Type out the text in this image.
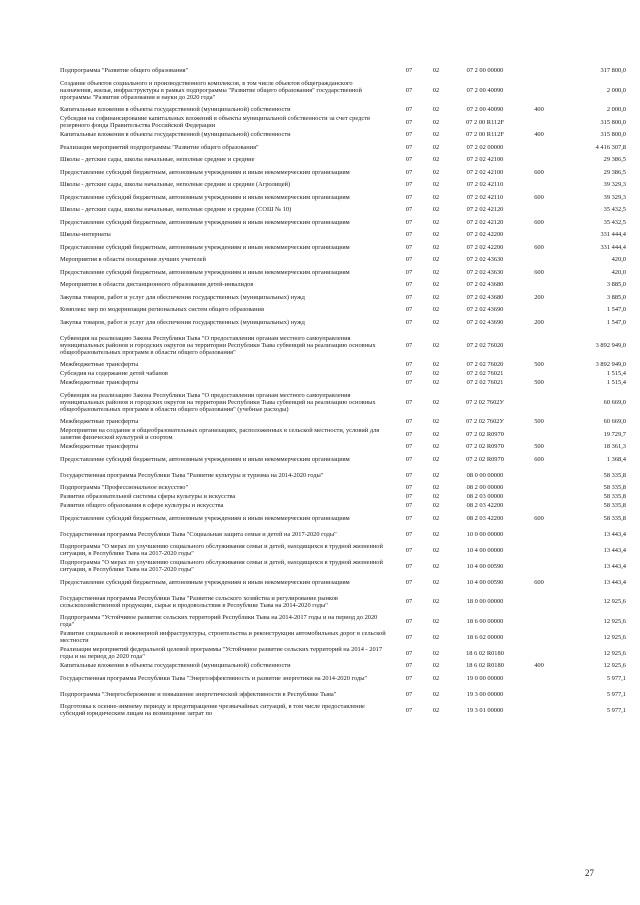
Подпрограмма "Развитие общего образования"	07	02	07 2 00 00000	317 800,0
Создание объектов социального и производственного комплексов, в том числе объектов общегражданского назначения, жилья, инфраструктуры в рамках подпрограммы "Развитие общего образования" государственной программы "Развитие образования и науки до 2020 года"
07	02	07 2 00 40090	2 000,0
Капитальные вложения в объекты государственной (муниципальной) собственности	07	02	07 2 00 40090	400	2 000,0
Субсидия на софинансирование капитальных вложений в объекты муниципальной собственности за счет средств резервного фонда Правительства Российской Федерации	07	02	07 2 00 R112F	315 800,0
Капитальные вложения в объекты государственной (муниципальной) собственности	07	02	07 2 00 R112F	400	315 800,0
Реализация мероприятий подпрограммы "Развитие общего образования"	07	02	07 2 02 00000	4 416 307,8
Школы - детские сады, школы начальные, неполные средние и средние	07	02	07 2 02 42100	29 386,5
Предоставление субсидий бюджетным, автономным учреждениям и иным некоммерческим организациям	07	02	07 2 02 42100	600	29 386,5
Школы - детские сады, школы начальные, неполные средние и средние (Агролицей)	07	02	07 2 02 42110	39 329,3
Предоставление субсидий бюджетным, автономным учреждениям и иным некоммерческим организациям	07	02	07 2 02 42110	600	39 329,3
Школы - детские сады, школы начальные, неполные средние и средние (СОШ № 10)	07	02	07 2 02 42120	35 432,5
Предоставление субсидий бюджетным, автономным учреждениям и иным некоммерческим организациям	07	02	07 2 02 42120	600	35 432,5
Школы-интернаты	07	02	07 2 02 42200	331 444,4
Предоставление субсидий бюджетным, автономным учреждениям и иным некоммерческим организациям	07	02	07 2 02 42200	600	331 444,4
Мероприятия в области поощрения лучших учителей	07	02	07 2 02 43630	420,0
Предоставление субсидий бюджетным, автономным учреждениям и иным некоммерческим организациям	07	02	07 2 02 43630	600	420,0
Мероприятия в области дистанционного образования детей-инвалидов	07	02	07 2 02 43680	3 885,0
Закупка товаров, работ и услуг для обеспечения государственных (муниципальных) нужд	07	02	07 2 02 43680	200	3 885,0
Комплекс мер по модернизации региональных систем общего образования	07	02	07 2 02 43690	1 547,0
Закупка товаров, работ и услуг для обеспечения государственных (муниципальных) нужд	07	02	07 2 02 43690	200	1 547,0
Субвенция на реализацию Закона Республики Тыва "О предоставлении органам местного самоуправления муниципальных районов и городских округов на территории Республики Тыва субвенций на реализацию основных общеобразовательных программ в области общего образования"
07	02	07 2 02 76020	3 892 949,0
Межбюджетные трансферты	07	02	07 2 02 76020	500	3 892 949,0
Субсидия на содержание детей чабанов	07	02	07 2 02 76021	1 515,4
Межбюджетные трансферты	07	02	07 2 02 76021	500	1 515,4
Субвенция на реализацию Закона Республики Тыва "О предоставлении органам местного самоуправления муниципальных районов и городских округов на территории Республики Тыва субвенций на реализацию основных общеобразовательных программ в области общего образования" (учебные расходы)
07	02	07 2 02 7602У	60 669,0
Межбюджетные трансферты	07	02	07 2 02 7602У	500	60 669,0
Мероприятия на создание в общеобразовательных организациях, расположенных в сельской местности, условий для занятия физической культурой и спортом	07	02	07 2 02 R0970	19 729,7
Межбюджетные трансферты	07	02	07 2 02 R0970	500	18 361,3
Предоставление субсидий бюджетным, автономным учреждениям и иным некоммерческим организациям	07	02	07 2 02 R0970	600	1 368,4
Государственная программа Республики Тыва "Развитие культуры и туризма на 2014-2020 годы"	07	02	08 0 00 00000	58 335,8
Подпрограмма "Профессиональное искусство"	07	02	08 2 00 00000	58 335,8
Развитие образовательной системы сферы культуры и искусства	07	02	08 2 03 00000	58 335,8
Развитие общего образования в сфере культуры и искусства	07	02	08 2 03 42200	58 335,8
Предоставление субсидий бюджетным, автономным учреждениям и иным некоммерческим организациям	07	02	08 2 03 42200	600	58 335,8
Государственная программа Республики Тыва "Социальная защита семьи и детей на 2017-2020 годы"	07	02	10 0 00 00000	13 443,4
Подпрограмма "О мерах по улучшению социального обслуживания семьи и детей, находящихся в трудной жизненной ситуации, в Республике Тыва на 2017-2020 годы"	07	02	10 4 00 00000	13 443,4
Подпрограмма "О мерах по улучшению социального обслуживания семьи и детей, находящихся в трудной жизненной ситуации, в Республике Тыва на 2017-2020 годы"	07	02	10 4 00 00590	13 443,4
Предоставление субсидий бюджетным, автономным учреждениям и иным некоммерческим организациям	07	02	10 4 00 00590	600	13 443,4
Государственная программа Республики Тыва "Развитие сельского хозяйства и регулирование рынков сельскохозяйственной продукции, сырья и продовольствия в Республике Тыва на 2014-2020 годы"	07	02	18 0 00 00000	12 925,6
Подпрограмма "Устойчивое развитие сельских территорий Республики Тыва на 2014-2017 годы и на период до 2020 года"	07	02	18 6 00 00000	12 925,6
Развитие социальной и инженерной инфраструктуры, строительства и реконструкции автомобильных дорог в сельской местности	07	02	18 6 02 00000	12 925,6
Реализация мероприятий федеральной целевой программы "Устойчивое развитие сельских территорий на 2014 - 2017 годы и на период до 2020 года"	07	02	18 6 02 R0180	12 925,6
Капитальные вложения в объекты государственной (муниципальной) собственности	07	02	18 6 02 R0180	400	12 925,6
Государственная программа Республики Тыва "Энергоэффективность и развитие энергетики на 2014-2020 годы"	07	02	19 0 00 00000	5 977,1
Подпрограмма "Энергосбережение и повышение энергетической эффективности в Республике Тыва"	07	02	19 3 00 00000	5 977,1
Подготовка к осенне-зимнему периоду и предотвращение чрезвычайных ситуаций, в том числе предоставление субсидий юридическим лицам на возмещение затрат по	07	02	19 3 01 00000	5 977,1
27
